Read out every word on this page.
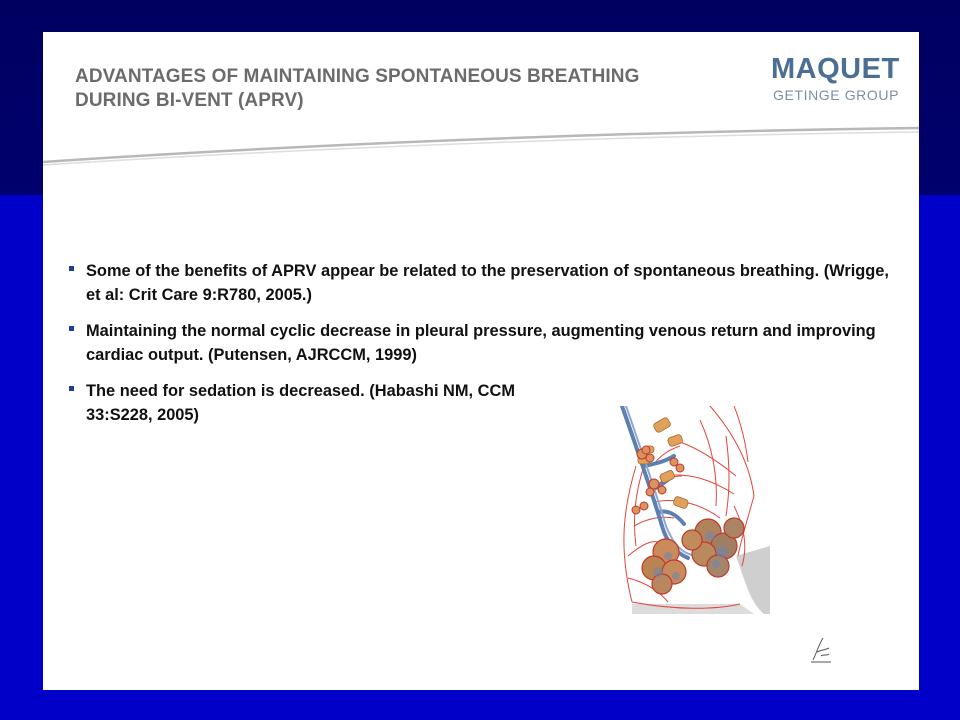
ADVANTAGES OF MAINTAINING SPONTANEOUS BREATHING
DURING BI-VENT (APRV)
MAQUET
GETINGE GROUP
Some of the benefits of APRV appear be related to the preservation of spontaneous breathing. (Wrigge, et al: Crit Care 9:R780, 2005.)
Maintaining the normal cyclic decrease in pleural pressure, augmenting venous return and improving cardiac output. (Putensen, AJRCCM, 1999)
The need for sedation is decreased. (Habashi NM, CCM 33:S228, 2005)
